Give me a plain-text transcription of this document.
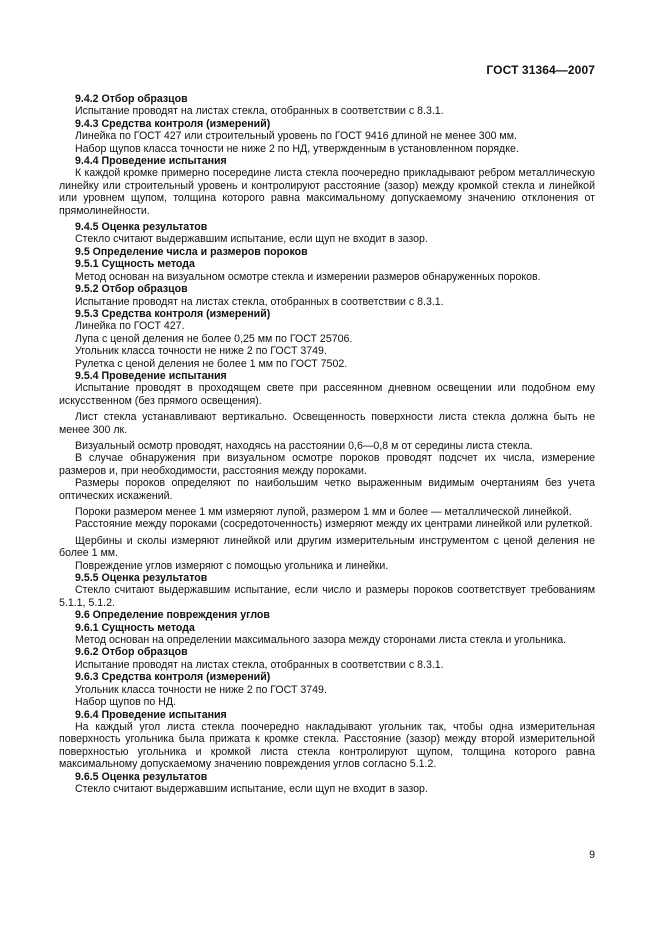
ГОСТ 31364—2007

9.4.2 Отбор образцов

Испытание проводят на листах стекла, отобранных в соответствии с 8.3.1.

9.4.3 Средства контроля (измерений)

Линейка по ГОСТ 427 или строительный уровень по ГОСТ 9416 длиной не менее 300 мм.

Набор щупов класса точности не ниже 2 по НД, утвержденным в установленном порядке.

9.4.4 Проведение испытания

К каждой кромке примерно посередине листа стекла поочередно прикладывают ребром металлическую линейку или строительный уровень и контролируют расстояние (зазор) между кромкой стекла и линейкой или уровнем щупом, толщина которого равна максимальному допускаемому значению отклонения от прямолинейности.

9.4.5 Оценка результатов

Стекло считают выдержавшим испытание, если щуп не входит в зазор.

9.5 Определение числа и размеров пороков

9.5.1 Сущность метода

Метод основан на визуальном осмотре стекла и измерении размеров обнаруженных пороков.

9.5.2 Отбор образцов

Испытание проводят на листах стекла, отобранных в соответствии с 8.3.1.

9.5.3 Средства контроля (измерений)

Линейка по ГОСТ 427.

Лупа с ценой деления не более 0,25 мм по ГОСТ 25706.

Угольник класса точности не ниже 2 по ГОСТ 3749.

Рулетка с ценой деления не более 1 мм по ГОСТ 7502.

9.5.4 Проведение испытания

Испытание проводят в проходящем свете при рассеянном дневном освещении или подобном ему искусственном (без прямого освещения).

Лист стекла устанавливают вертикально. Освещенность поверхности листа стекла должна быть не менее 300 лк.

Визуальный осмотр проводят, находясь на расстоянии 0,6—0,8 м от середины листа стекла.

В случае обнаружения при визуальном осмотре пороков проводят подсчет их числа, измерение размеров и, при необходимости, расстояния между пороками.

Размеры пороков определяют по наибольшим четко выраженным видимым очертаниям без учета оптических искажений.

Пороки размером менее 1 мм измеряют лупой, размером 1 мм и более — металлической линейкой.

Расстояние между пороками (сосредоточенность) измеряют между их центрами линейкой или рулеткой.

Щербины и сколы измеряют линейкой или другим измерительным инструментом с ценой деления не более 1 мм.

Повреждение углов измеряют с помощью угольника и линейки.

9.5.5 Оценка результатов

Стекло считают выдержавшим испытание, если число и размеры пороков соответствует требованиям 5.1.1, 5.1.2.

9.6 Определение повреждения углов

9.6.1 Сущность метода

Метод основан на определении максимального зазора между сторонами листа стекла и угольника.

9.6.2 Отбор образцов

Испытание проводят на листах стекла, отобранных в соответствии с 8.3.1.

9.6.3 Средства контроля (измерений)

Угольник класса точности не ниже 2 по ГОСТ 3749.

Набор щупов по НД.

9.6.4 Проведение испытания

На каждый угол листа стекла поочередно накладывают угольник так, чтобы одна измерительная поверхность угольника была прижата к кромке стекла. Расстояние (зазор) между второй измерительной поверхностью угольника и кромкой листа стекла контролируют щупом, толщина которого равна максимальному допускаемому значению повреждения углов согласно 5.1.2.

9.6.5 Оценка результатов

Стекло считают выдержавшим испытание, если щуп не входит в зазор.

9
